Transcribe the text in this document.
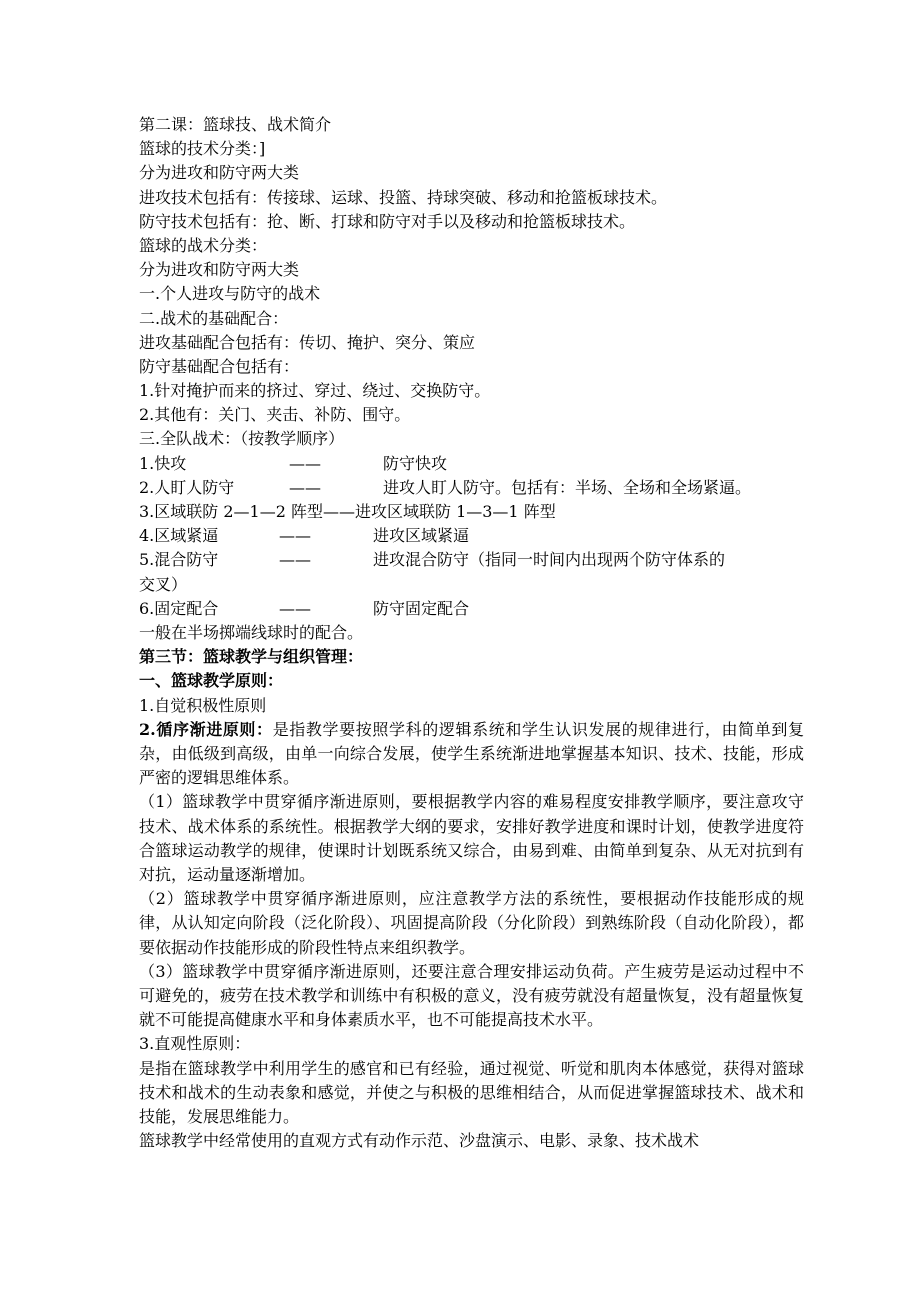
第二课：篮球技、战术简介
篮球的技术分类：]
分为进攻和防守两大类
进攻技术包括有：传接球、运球、投篮、持球突破、移动和抢篮板球技术。
防守技术包括有：抢、断、打球和防守对手以及移动和抢篮板球技术。
篮球的战术分类：
分为进攻和防守两大类
一.个人进攻与防守的战术
二.战术的基础配合：
进攻基础配合包括有：传切、掩护、突分、策应
防守基础配合包括有：
1.针对掩护而来的挤过、穿过、绕过、交换防守。
2.其他有：关门、夹击、补防、围守。
三.全队战术：（按教学顺序）
1.快攻	——	防守快攻
2.人盯人防守	——	进攻人盯人防守。包括有：半场、全场和全场紧逼。
3.区域联防 2—1—2 阵型——进攻区域联防 1—3—1 阵型
4.区域紧逼	——	进攻区域紧逼
5.混合防守	——	进攻混合防守（指同一时间内出现两个防守体系的
交叉）
6.固定配合	——	防守固定配合
一般在半场掷端线球时的配合。
第三节：篮球教学与组织管理：
一、篮球教学原则：
1.自觉积极性原则
2.循序渐进原则：是指教学要按照学科的逻辑系统和学生认识发展的规律进行，由简单到复杂，由低级到高级，由单一向综合发展，使学生系统渐进地掌握基本知识、技术、技能，形成严密的逻辑思维体系。
（1）篮球教学中贯穿循序渐进原则，要根据教学内容的难易程度安排教学顺序，要注意攻守技术、战术体系的系统性。根据教学大纲的要求，安排好教学进度和课时计划，使教学进度符合篮球运动教学的规律，使课时计划既系统又综合，由易到难、由简单到复杂、从无对抗到有对抗，运动量逐渐增加。
（2）篮球教学中贯穿循序渐进原则，应注意教学方法的系统性，要根据动作技能形成的规律，从认知定向阶段（泛化阶段）、巩固提高阶段（分化阶段）到熟练阶段（自动化阶段），都要依据动作技能形成的阶段性特点来组织教学。
（3）篮球教学中贯穿循序渐进原则，还要注意合理安排运动负荷。产生疲劳是运动过程中不可避免的，疲劳在技术教学和训练中有积极的意义，没有疲劳就没有超量恢复，没有超量恢复就不可能提高健康水平和身体素质水平，也不可能提高技术水平。
3.直观性原则：
是指在篮球教学中利用学生的感官和已有经验，通过视觉、听觉和肌肉本体感觉，获得对篮球技术和战术的生动表象和感觉，并使之与积极的思维相结合，从而促进掌握篮球技术、战术和技能，发展思维能力。
篮球教学中经常使用的直观方式有动作示范、沙盘演示、电影、录象、技术战术
